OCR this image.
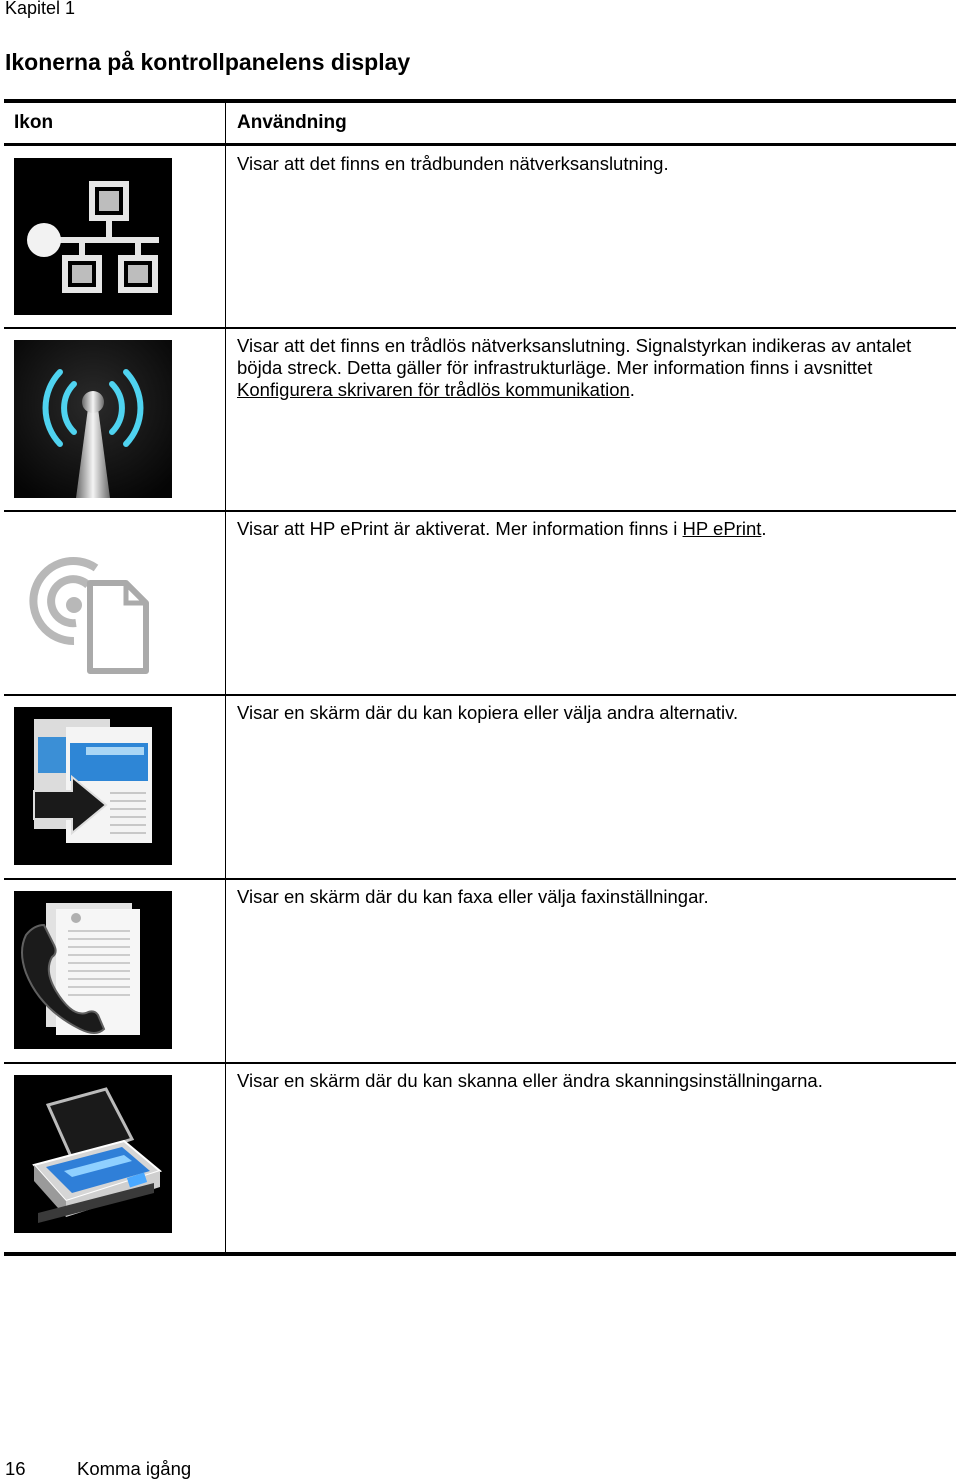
Kapitel 1
Ikonerna på kontrollpanelens display
Ikon	Användning
Visar att det finns en trådbunden nätverksanslutning.
Visar att det finns en trådlös nätverksanslutning. Signalstyrkan indikeras av antalet böjda streck. Detta gäller för infrastrukturläge. Mer information finns i avsnittet Konfigurera skrivaren för trådlös kommunikation.
Visar att HP ePrint är aktiverat. Mer information finns i HP ePrint.
Visar en skärm där du kan kopiera eller välja andra alternativ.
Visar en skärm där du kan faxa eller välja faxinställningar.
Visar en skärm där du kan skanna eller ändra skanningsinställningarna.
16	Komma igång
